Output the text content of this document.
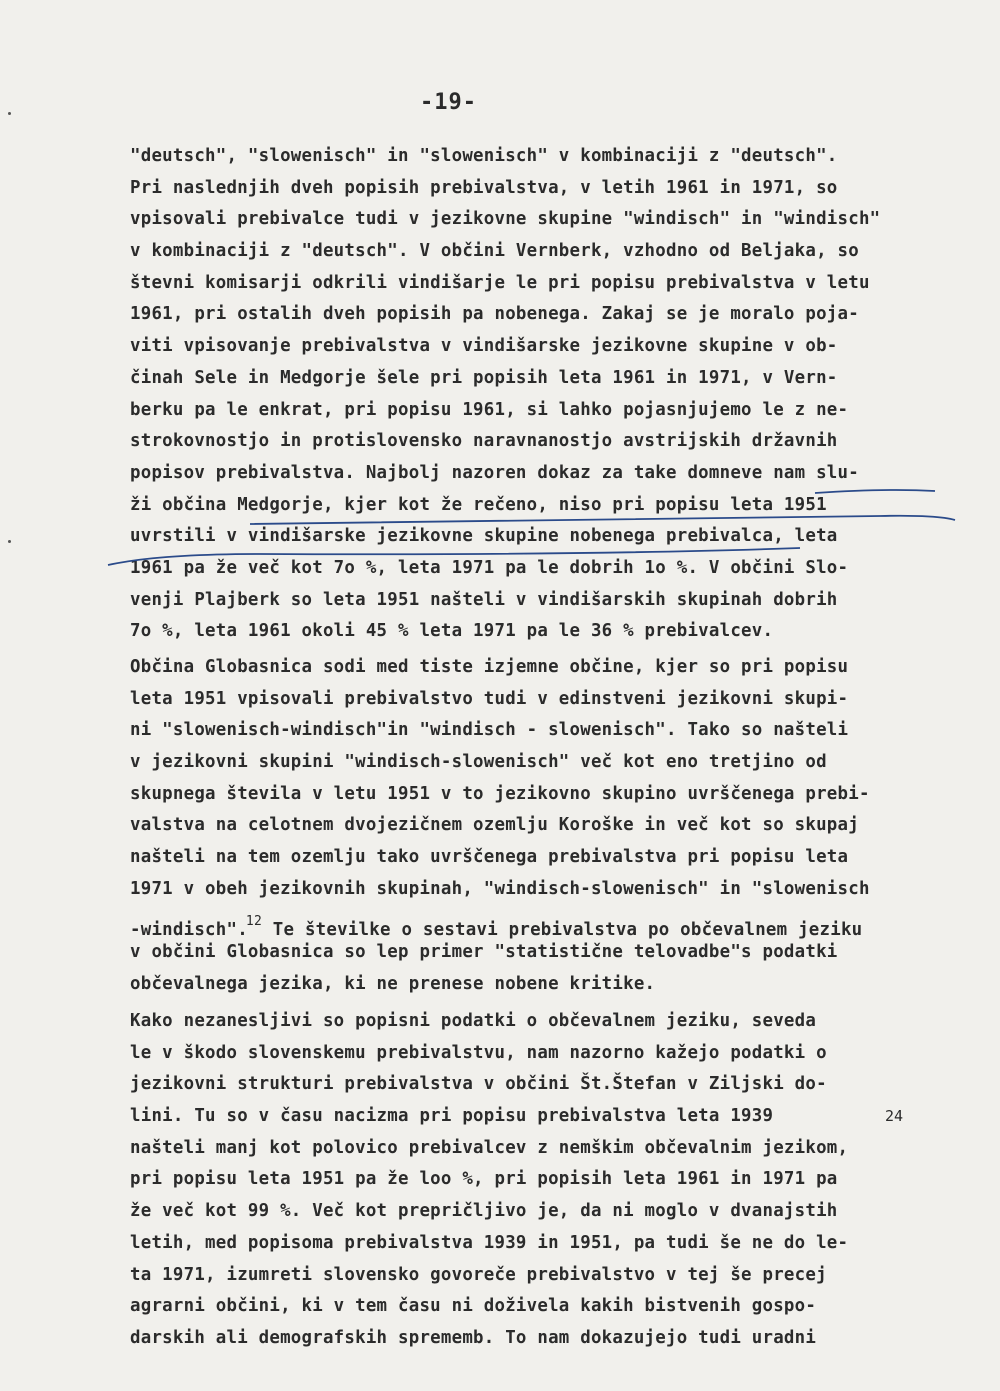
-19-
"deutsch", "slowenisch" in "slowenisch" v kombinaciji z "deutsch".
Pri naslednjih dveh popisih prebivalstva, v letih 1961 in 1971, so
vpisovali prebivalce tudi v jezikovne skupine "windisch" in "windisch"
v kombinaciji z "deutsch". V občini Vernberk, vzhodno od Beljaka, so
števni komisarji odkrili vindišarje le pri popisu prebivalstva v letu
1961, pri ostalih dveh popisih pa nobenega. Zakaj se je moralo poja-
viti vpisovanje prebivalstva v vindišarske jezikovne skupine v ob-
činah Sele in Medgorje šele pri popisih leta 1961 in 1971, v Vern-
berku pa le enkrat, pri popisu 1961, si lahko pojasnjujemo le z ne-
strokovnostjo in protislovensko naravnanostjo avstrijskih državnih
popisov prebivalstva. Najbolj nazoren dokaz za take domneve nam slu-
ži občina Medgorje, kjer kot že rečeno, niso pri popisu leta 1951
uvrstili v vindišarske jezikovne skupine nobenega prebivalca, leta
1961 pa že več kot 7o %, leta 1971 pa le dobrih 1o %. V občini Slo-
venji Plajberk so leta 1951 našteli v vindišarskih skupinah dobrih
7o %, leta 1961 okoli 45 % leta 1971 pa le 36 % prebivalcev.
Občina Globasnica sodi med tiste izjemne občine, kjer so pri popisu
leta 1951 vpisovali prebivalstvo tudi v edinstveni jezikovni skupi-
ni "slowenisch-windisch"in "windisch - slowenisch". Tako so našteli
v jezikovni skupini "windisch-slowenisch" več kot eno tretjino od
skupnega števila v letu 1951 v to jezikovno skupino uvrščenega prebi-
valstva na celotnem dvojezičnem ozemlju Koroške in več kot so skupaj
našteli na tem ozemlju tako uvrščenega prebivalstva pri popisu leta
1971 v obeh jezikovnih skupinah, "windisch-slowenisch" in "slowenisch
-windisch".$^{12}$ Te številke o sestavi prebivalstva po občevalnem jeziku
v občini Globasnica so lep primer "statistične telovadbe"s podatki
občevalnega jezika, ki ne prenese nobene kritike.
Kako nezanesljivi so popisni podatki o občevalnem jeziku, seveda
le v škodo slovenskemu prebivalstvu, nam nazorno kažejo podatki o
jezikovni strukturi prebivalstva v občini Št.Štefan v Ziljski do-
lini. Tu so v času nacizma pri popisu prebivalstva leta 1939
našteli manj kot polovico prebivalcev z nemškim občevalnim jezikom,
pri popisu leta 1951 pa že loo %, pri popisih leta 1961 in 1971 pa
že več kot 99 %. Več kot prepričljivo je, da ni moglo v dvanajstih
letih, med popisoma prebivalstva 1939 in 1951, pa tudi še ne do le-
ta 1971, izumreti slovensko govoreče prebivalstvo v tej še precej
agrarni občini, ki v tem času ni doživela kakih bistvenih gospo-
darskih ali demografskih sprememb. To nam dokazujejo tudi uradni
24
